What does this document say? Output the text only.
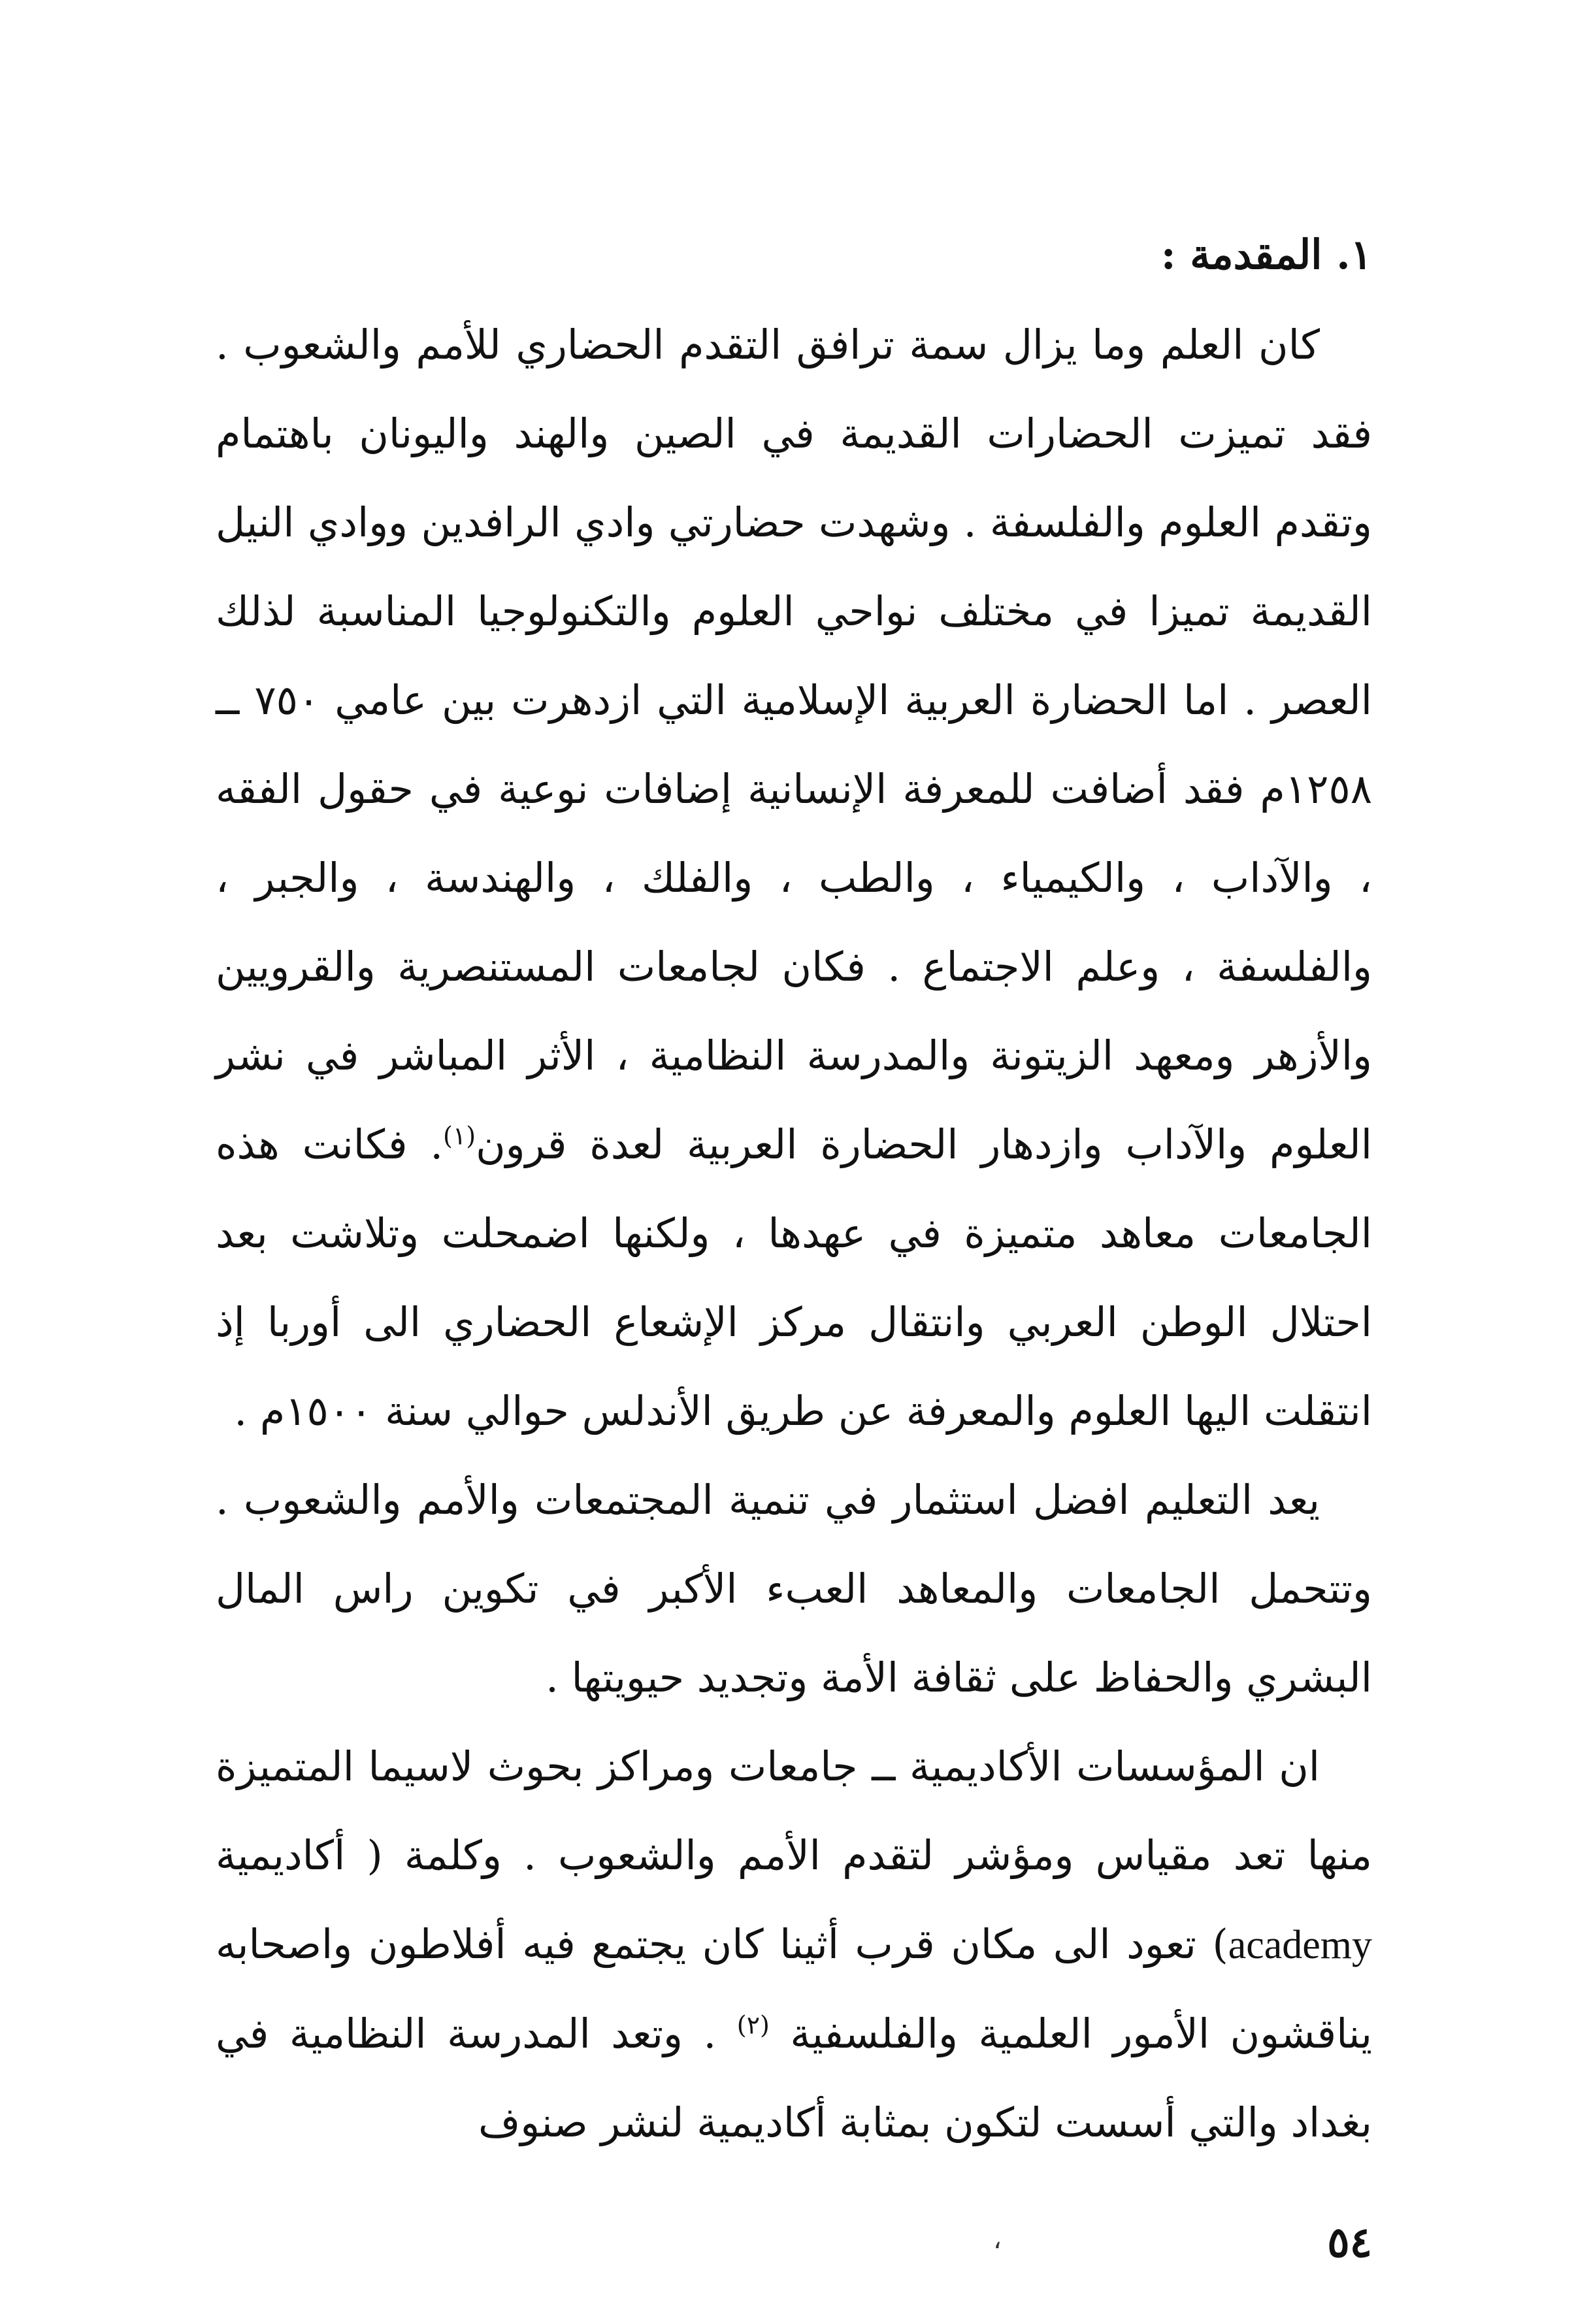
١. المقدمة :

كان العلم وما يزال سمة ترافق التقدم الحضاري للأمم والشعوب . فقد تميزت الحضارات القديمة في الصين والهند واليونان باهتمام وتقدم العلوم والفلسفة . وشهدت حضارتي وادي الرافدين ووادي النيل القديمة تميزا في مختلف نواحي العلوم والتكنولوجيا المناسبة لذلك العصر . اما الحضارة العربية الإسلامية التي ازدهرت بين عامي ٧٥٠ ــ ١٢٥٨م فقد أضافت للمعرفة الإنسانية إضافات نوعية في حقول الفقه ، والآداب ، والكيمياء ، والطب ، والفلك ، والهندسة ، والجبر ، والفلسفة ، وعلم الاجتماع . فكان لجامعات المستنصرية والقرويين والأزهر ومعهد الزيتونة والمدرسة النظامية ، الأثر المباشر في نشر العلوم والآداب وازدهار الحضارة العربية لعدة قرون$^{(١)}$. فكانت هذه الجامعات معاهد متميزة في عهدها ، ولكنها اضمحلت وتلاشت بعد احتلال الوطن العربي وانتقال مركز الإشعاع الحضاري الى أوربا إذ انتقلت اليها العلوم والمعرفة عن طريق الأندلس حوالي سنة ١٥٠٠م .

يعد التعليم افضل استثمار في تنمية المجتمعات والأمم والشعوب . وتتحمل الجامعات والمعاهد العبء الأكبر في تكوين راس المال البشري والحفاظ على ثقافة الأمة وتجديد حيويتها .

ان المؤسسات الأكاديمية ــ جامعات ومراكز بحوث لاسيما المتميزة منها تعد مقياس ومؤشر لتقدم الأمم والشعوب . وكلمة ( أكاديمية academy) تعود الى مكان قرب أثينا كان يجتمع فيه أفلاطون واصحابه يناقشون الأمور العلمية والفلسفية $^{(٢)}$ . وتعد المدرسة النظامية في بغداد والتي أسست لتكون بمثابة أكاديمية لنشر صنوف

،	٥٤
